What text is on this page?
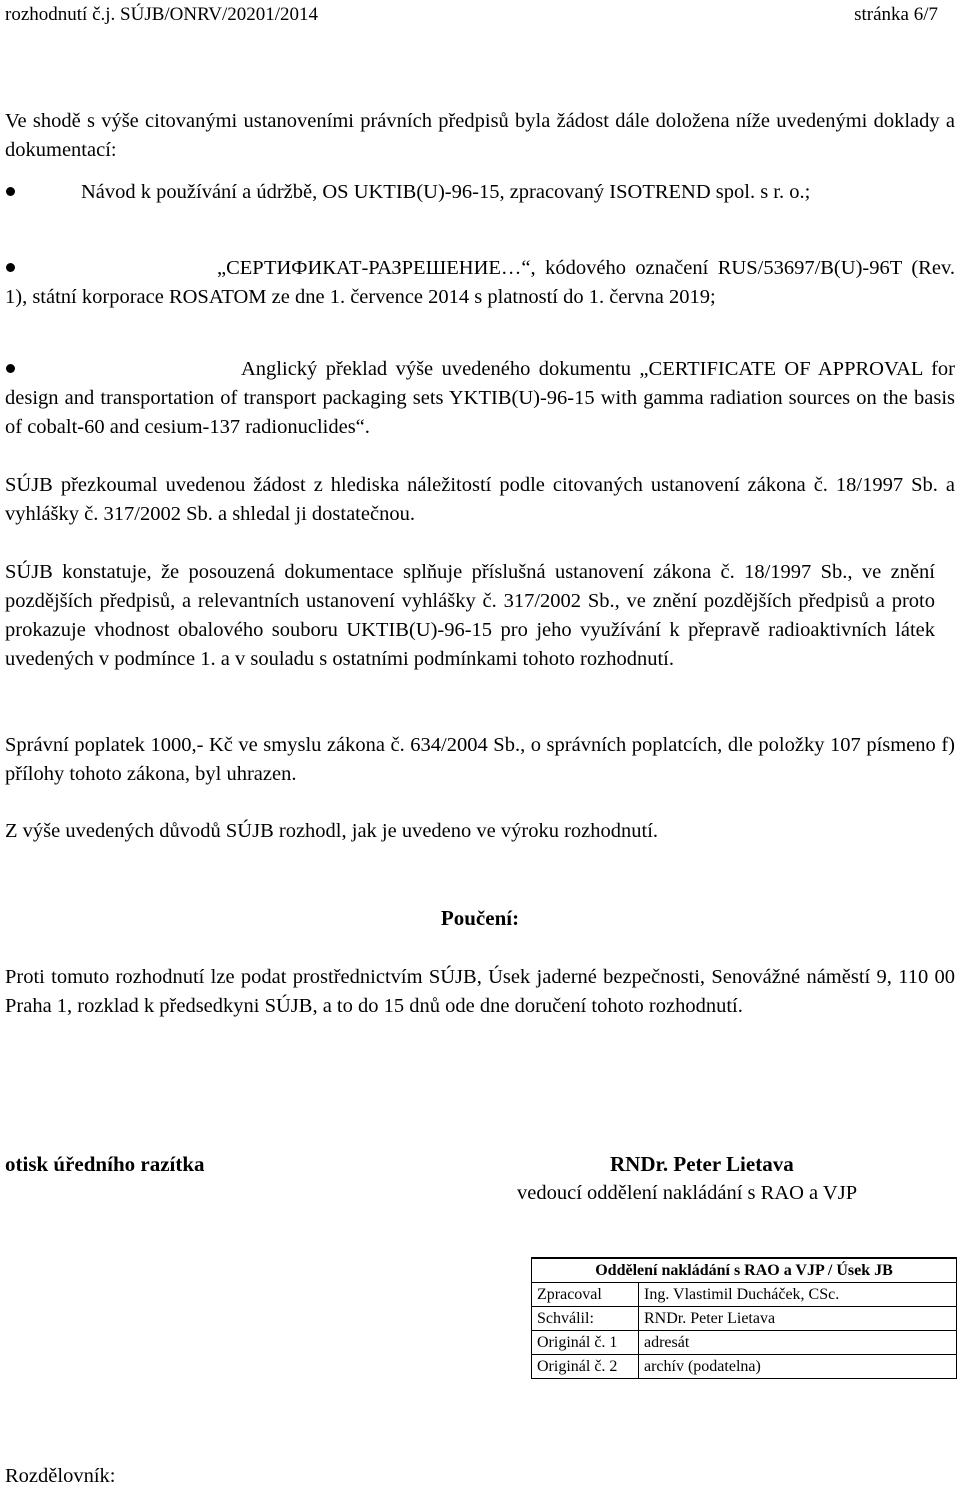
rozhodnutí č.j. SÚJB/ONRV/20201/2014	stránka 6/7
Ve shodě s výše citovanými ustanoveními právních předpisů byla žádost dále doložena níže uvedenými doklady a dokumentací:
Návod k používání a údržbě, OS UKTIB(U)-96-15, zpracovaný ISOTREND spol. s r. o.;
„СЕРТИФИКАТ-РАЗРЕШЕНИЕ…“, kódového označení RUS/53697/B(U)-96T (Rev. 1), státní korporace ROSATOM ze dne 1. července 2014 s platností do 1. června 2019;
Anglický překlad výše uvedeného dokumentu „CERTIFICATE OF APPROVAL for design and transportation of transport packaging sets YKTIB(U)-96-15 with gamma radiation sources on the basis of cobalt-60 and cesium-137 radionuclides“.
SÚJB přezkoumal uvedenou žádost z hlediska náležitostí podle citovaných ustanovení zákona č. 18/1997 Sb. a vyhlášky č. 317/2002 Sb. a shledal ji dostatečnou.
SÚJB konstatuje, že posouzená dokumentace splňuje příslušná ustanovení zákona č. 18/1997 Sb., ve znění pozdějších předpisů, a relevantních ustanovení vyhlášky č. 317/2002 Sb., ve znění pozdějších předpisů a proto prokazuje vhodnost obalového souboru UKTIB(U)-96-15 pro jeho využívání k přepravě radioaktivních látek uvedených v podmínce 1. a v souladu s ostatními podmínkami tohoto rozhodnutí.
Správní poplatek 1000,- Kč ve smyslu zákona č. 634/2004 Sb., o správních poplatcích, dle položky 107 písmeno f) přílohy tohoto zákona, byl uhrazen.
Z výše uvedených důvodů SÚJB rozhodl, jak je uvedeno ve výroku rozhodnutí.
Poučení:
Proti tomuto rozhodnutí lze podat prostřednictvím SÚJB, Úsek jaderné bezpečnosti, Senovážné náměstí 9, 110 00 Praha 1, rozklad k předsedkyni SÚJB, a to do 15 dnů ode dne doručení tohoto rozhodnutí.
otisk úředního razítka	RNDr. Peter Lietava
vedoucí oddělení nakládání s RAO a VJP
Oddělení nakládání s RAO a VJP / Úsek JB	
Zpracoval	Ing. Vlastimil Ducháček, CSc.
Schválil:	RNDr. Peter Lietava
Originál č. 1	adresát
Originál č. 2	archív (podatelna)
Rozdělovník:
